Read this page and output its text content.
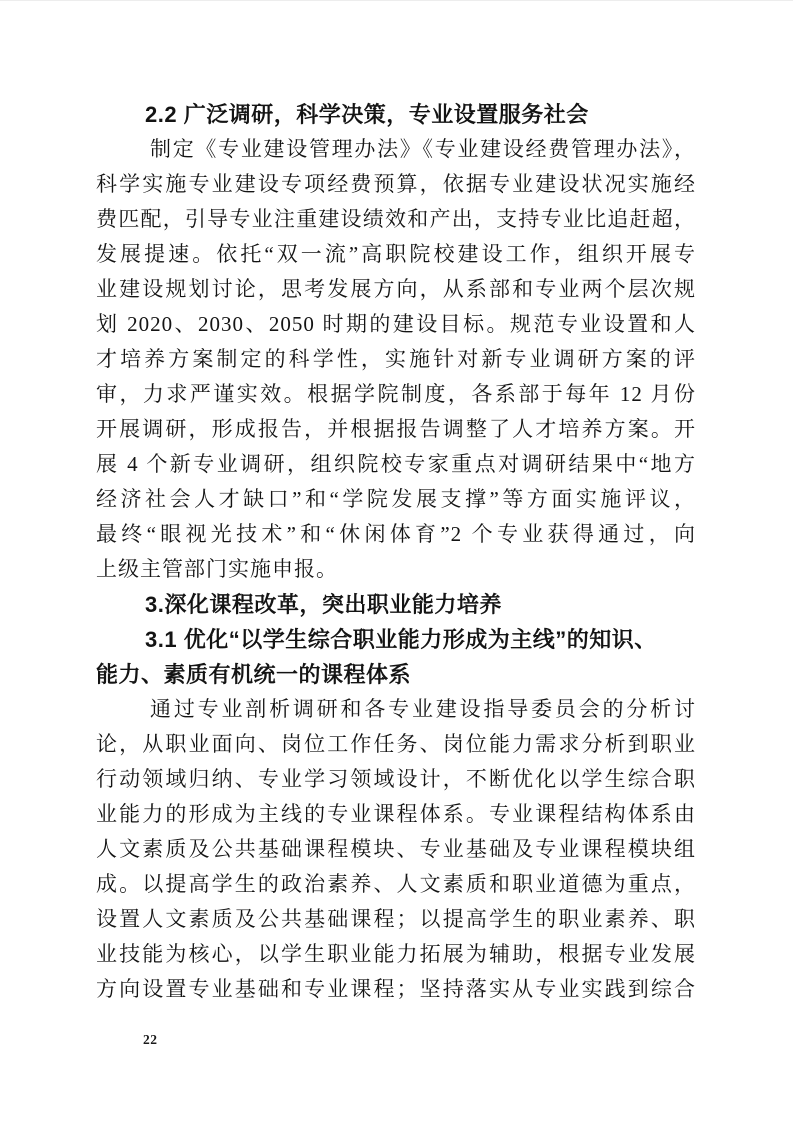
2.2 广泛调研，科学决策，专业设置服务社会
制定《专业建设管理办法》《专业建设经费管理办法》，
科学实施专业建设专项经费预算，依据专业建设状况实施经
费匹配，引导专业注重建设绩效和产出，支持专业比追赶超，
发展提速。依托“双一流”高职院校建设工作，组织开展专
业建设规划讨论，思考发展方向，从系部和专业两个层次规
划 2020、2030、2050 时期的建设目标。规范专业设置和人
才培养方案制定的科学性，实施针对新专业调研方案的评
审，力求严谨实效。根据学院制度，各系部于每年 12 月份
开展调研，形成报告，并根据报告调整了人才培养方案。开
展 4 个新专业调研，组织院校专家重点对调研结果中“地方
经济社会人才缺口”和“学院发展支撑”等方面实施评议，
最终“眼视光技术”和“休闲体育”2 个专业获得通过，向
上级主管部门实施申报。
3.深化课程改革，突出职业能力培养
3.1 优化“以学生综合职业能力形成为主线”的知识、
能力、素质有机统一的课程体系
通过专业剖析调研和各专业建设指导委员会的分析讨
论，从职业面向、岗位工作任务、岗位能力需求分析到职业
行动领域归纳、专业学习领域设计，不断优化以学生综合职
业能力的形成为主线的专业课程体系。专业课程结构体系由
人文素质及公共基础课程模块、专业基础及专业课程模块组
成。以提高学生的政治素养、人文素质和职业道德为重点，
设置人文素质及公共基础课程；以提高学生的职业素养、职
业技能为核心，以学生职业能力拓展为辅助，根据专业发展
方向设置专业基础和专业课程；坚持落实从专业实践到综合
22
